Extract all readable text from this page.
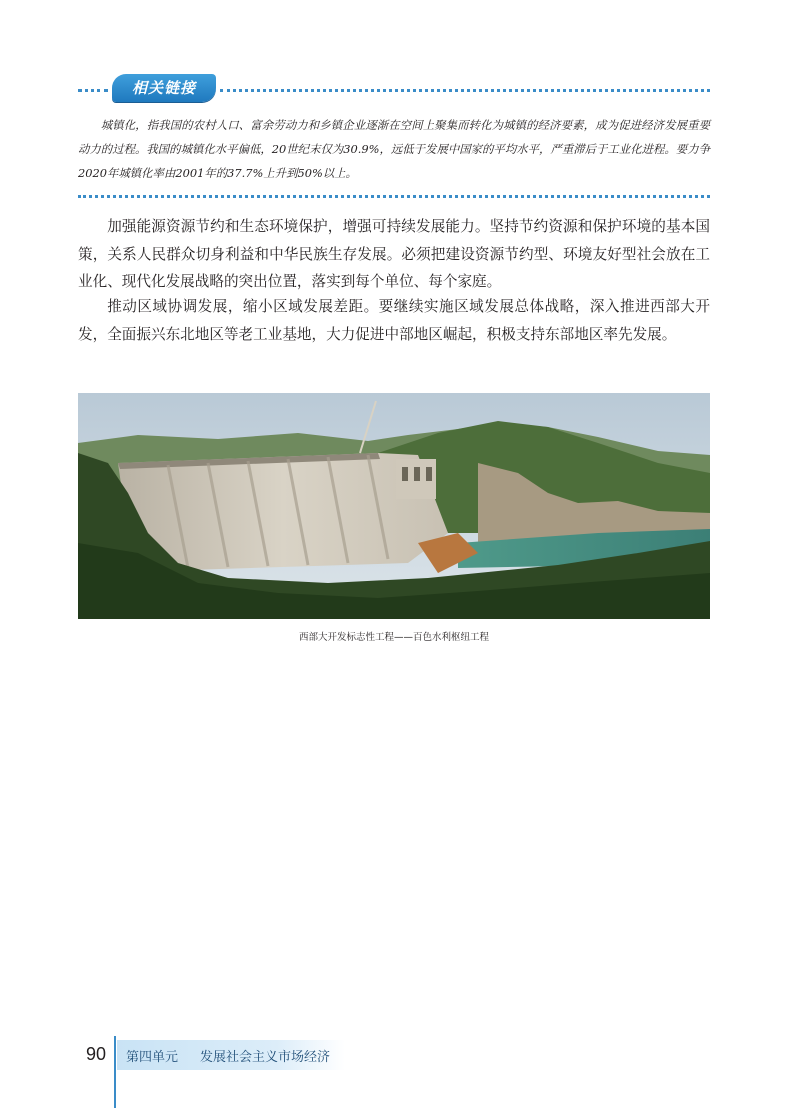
相关链接

城镇化，指我国的农村人口、富余劳动力和乡镇企业逐渐在空间上聚集而转化为城镇的经济要素，成为促进经济发展重要动力的过程。我国的城镇化水平偏低，20世纪末仅为30.9%，远低于发展中国家的平均水平，严重滞后于工业化进程。要力争2020年城镇化率由2001年的37.7%上升到50%以上。

加强能源资源节约和生态环境保护，增强可持续发展能力。坚持节约资源和保护环境的基本国策，关系人民群众切身利益和中华民族生存发展。必须把建设资源节约型、环境友好型社会放在工业化、现代化发展战略的突出位置，落实到每个单位、每个家庭。

推动区域协调发展，缩小区域发展差距。要继续实施区域发展总体战略，深入推进西部大开发，全面振兴东北地区等老工业基地，大力促进中部地区崛起，积极支持东部地区率先发展。

西部大开发标志性工程——百色水利枢纽工程
90 第四单元 发展社会主义市场经济
